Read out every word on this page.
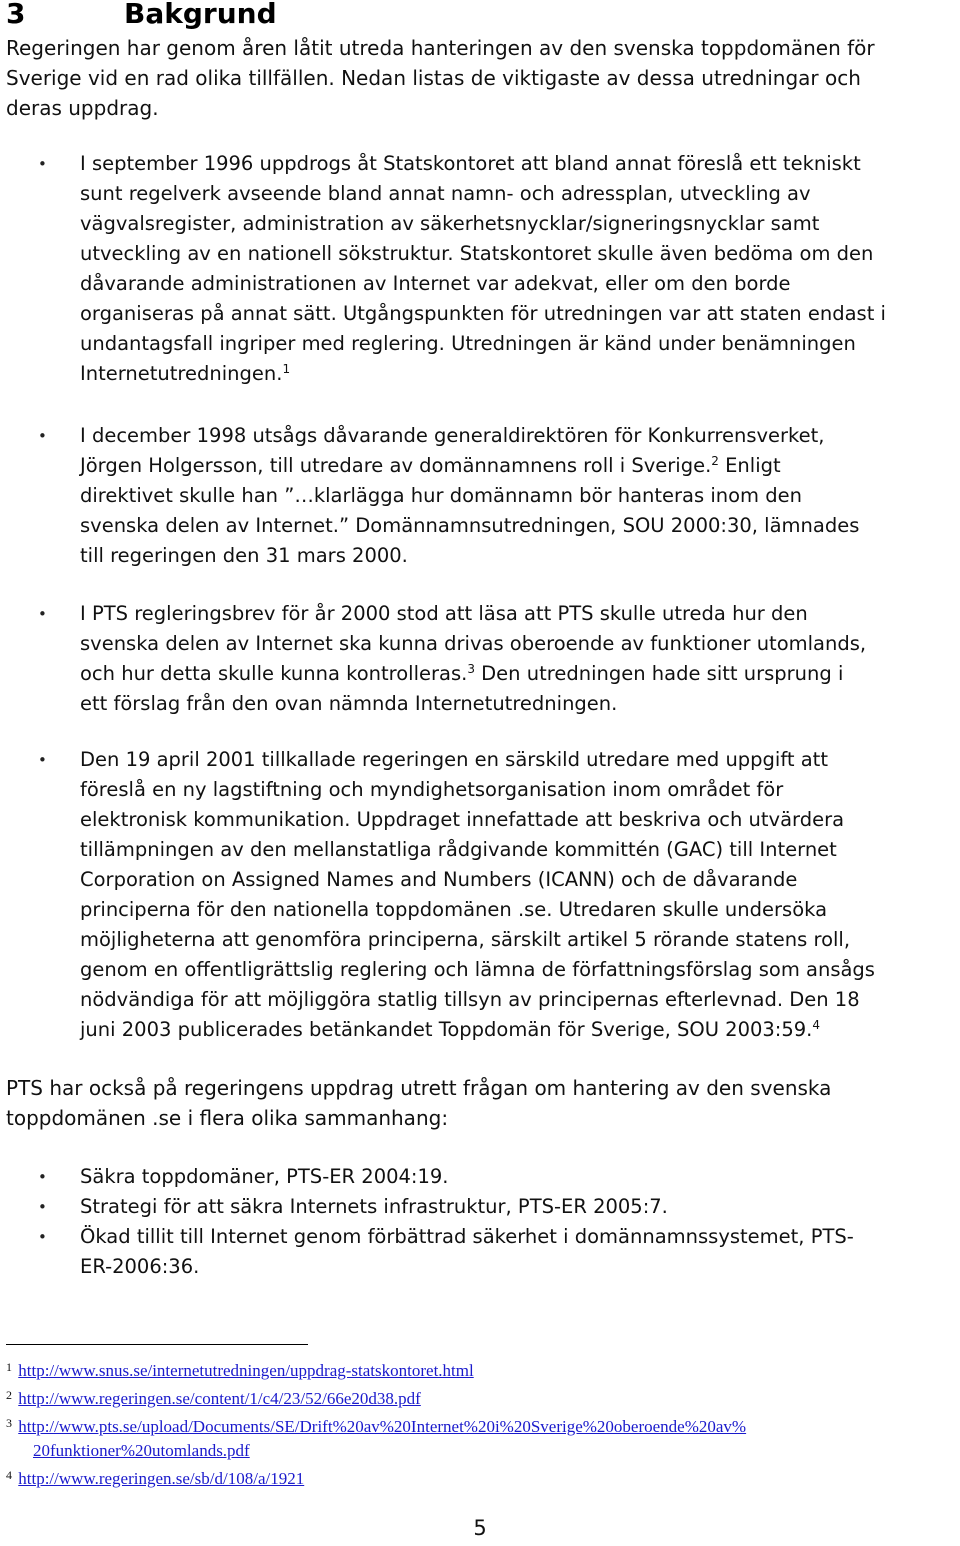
3	Bakgrund

Regeringen har genom åren låtit utreda hanteringen av den svenska toppdomänen för
Sverige vid en rad olika tillfällen. Nedan listas de viktigaste av dessa utredningar och
deras uppdrag.

• I september 1996 uppdrogs åt Statskontoret att bland annat föreslå ett tekniskt
sunt regelverk avseende bland annat namn- och adressplan, utveckling av
vägvalsregister, administration av säkerhetsnycklar/signeringsnycklar samt
utveckling av en nationell sökstruktur. Statskontoret skulle även bedöma om den
dåvarande administrationen av Internet var adekvat, eller om den borde
organiseras på annat sätt. Utgångspunkten för utredningen var att staten endast i
undantagsfall ingriper med reglering. Utredningen är känd under benämningen
Internetutredningen.$^1$

• I december 1998 utsågs dåvarande generaldirektören för Konkurrensverket,
Jörgen Holgersson, till utredare av domännamnens roll i Sverige.$^2$ Enligt
direktivet skulle han ”…klarlägga hur domännamn bör hanteras inom den
svenska delen av Internet.” Domännamnsutredningen, SOU 2000:30, lämnades
till regeringen den 31 mars 2000.

• I PTS regleringsbrev för år 2000 stod att läsa att PTS skulle utreda hur den
svenska delen av Internet ska kunna drivas oberoende av funktioner utomlands,
och hur detta skulle kunna kontrolleras.$^3$ Den utredningen hade sitt ursprung i
ett förslag från den ovan nämnda Internetutredningen.

• Den 19 april 2001 tillkallade regeringen en särskild utredare med uppgift att
föreslå en ny lagstiftning och myndighetsorganisation inom området för
elektronisk kommunikation. Uppdraget innefattade att beskriva och utvärdera
tillämpningen av den mellanstatliga rådgivande kommittén (GAC) till Internet
Corporation on Assigned Names and Numbers (ICANN) och de dåvarande
principerna för den nationella toppdomänen .se. Utredaren skulle undersöka
möjligheterna att genomföra principerna, särskilt artikel 5 rörande statens roll,
genom en offentligrättslig reglering och lämna de författningsförslag som ansågs
nödvändiga för att möjliggöra statlig tillsyn av principernas efterlevnad. Den 18
juni 2003 publicerades betänkandet Toppdomän för Sverige, SOU 2003:59.$^4$

PTS har också på regeringens uppdrag utrett frågan om hantering av den svenska
toppdomänen .se i flera olika sammanhang:

• Säkra toppdomäner, PTS-ER 2004:19.

• Strategi för att säkra Internets infrastruktur, PTS-ER 2005:7.

• Ökad tillit till Internet genom förbättrad säkerhet i domännamnssystemet, PTS-
ER-2006:36.

$^1$ http://www.snus.se/internetutredningen/uppdrag-statskontoret.html
$^2$ http://www.regeringen.se/content/1/c4/23/52/66e20d38.pdf
$^3$ http://www.pts.se/upload/Documents/SE/Drift%20av%20Internet%20i%20Sverige%20oberoende%20av%
20funktioner%20utomlands.pdf
$^4$ http://www.regeringen.se/sb/d/108/a/1921
5
